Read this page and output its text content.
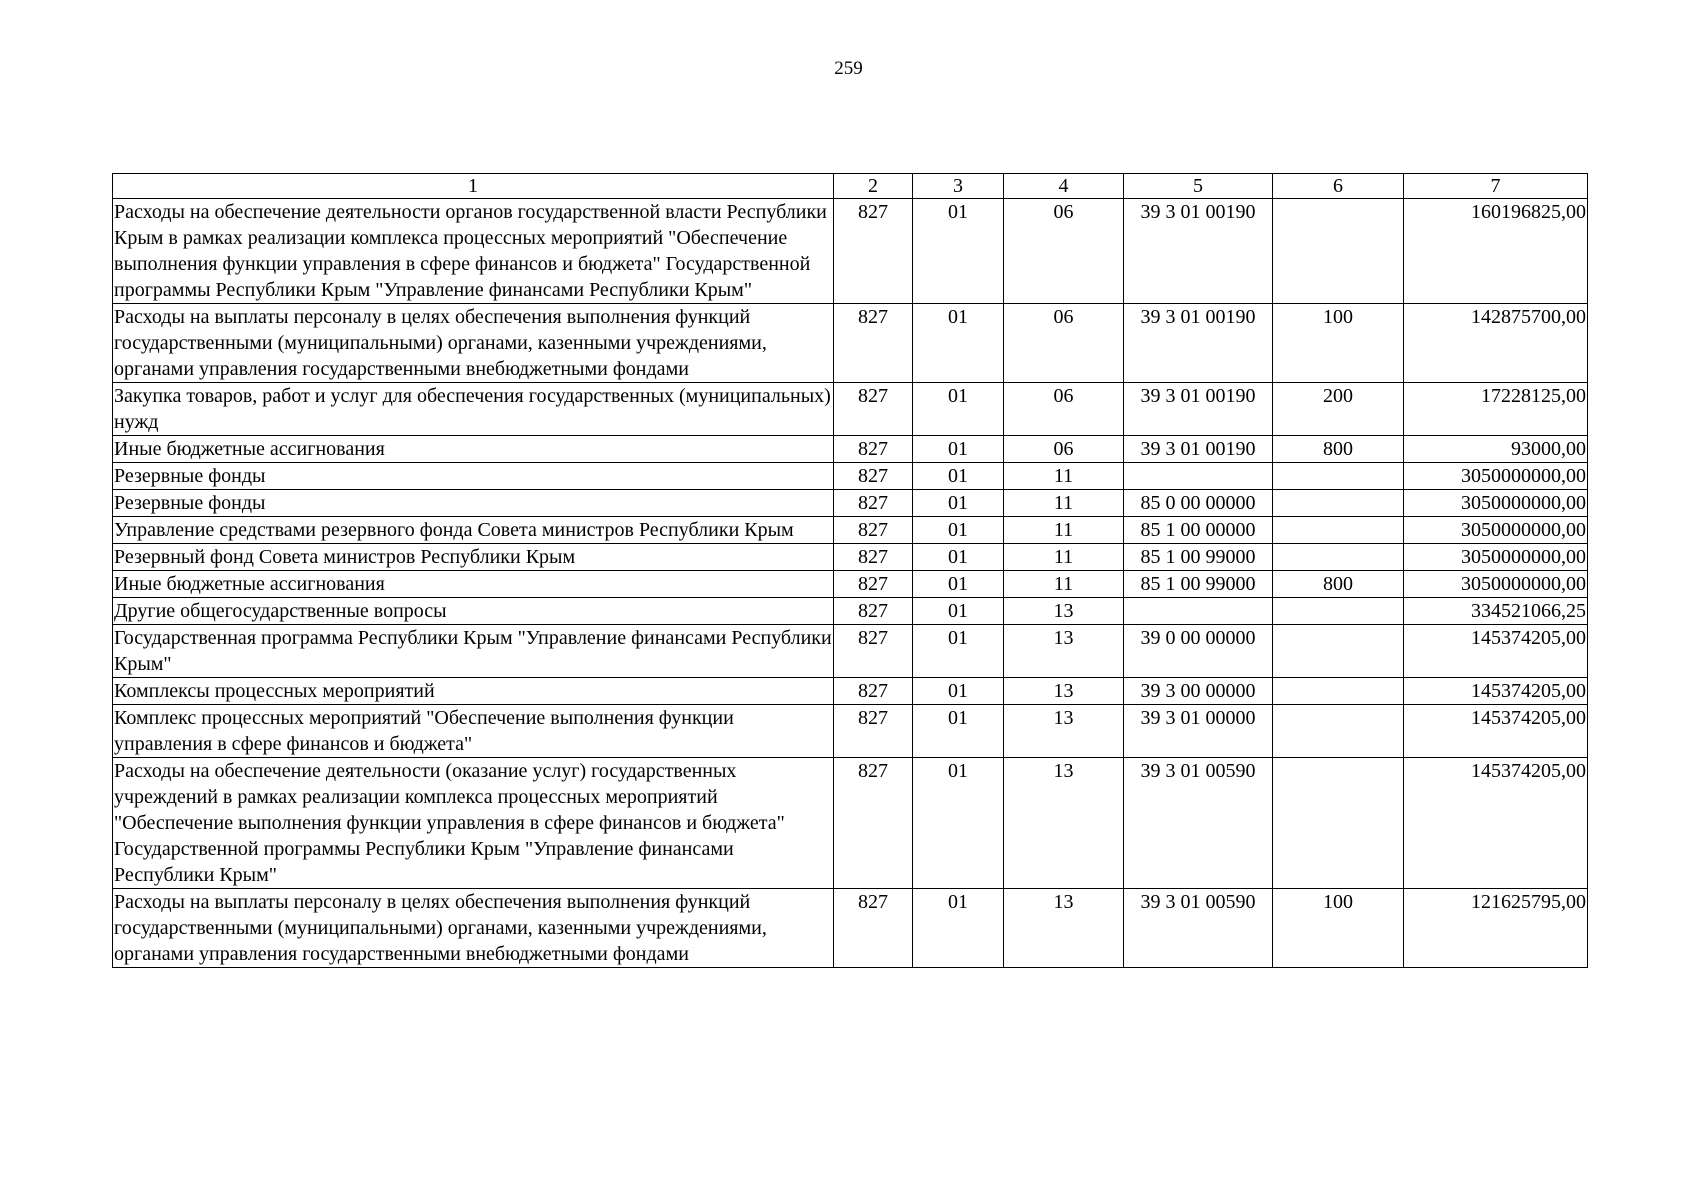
259
1	2	3	4	5	6	7
Расходы на обеспечение деятельности органов государственной власти Республики Крым в рамках реализации комплекса процессных мероприятий "Обеспечение выполнения функции управления в сфере финансов и бюджета" Государственной программы Республики Крым "Управление финансами Республики Крым"	827	01	06	39 3 01 00190		160196825,00
Расходы на выплаты персоналу в целях обеспечения выполнения функций государственными (муниципальными) органами, казенными учреждениями, органами управления государственными внебюджетными фондами	827	01	06	39 3 01 00190	100	142875700,00
Закупка товаров, работ и услуг для обеспечения государственных (муниципальных) нужд	827	01	06	39 3 01 00190	200	17228125,00
Иные бюджетные ассигнования	827	01	06	39 3 01 00190	800	93000,00
Резервные фонды	827	01	11			3050000000,00
Резервные фонды	827	01	11	85 0 00 00000		3050000000,00
Управление средствами резервного фонда Совета министров Республики Крым	827	01	11	85 1 00 00000		3050000000,00
Резервный фонд Совета министров Республики Крым	827	01	11	85 1 00 99000		3050000000,00
Иные бюджетные ассигнования	827	01	11	85 1 00 99000	800	3050000000,00
Другие общегосударственные вопросы	827	01	13			334521066,25
Государственная программа Республики Крым "Управление финансами Республики Крым"	827	01	13	39 0 00 00000		145374205,00
Комплексы процессных мероприятий	827	01	13	39 3 00 00000		145374205,00
Комплекс процессных мероприятий "Обеспечение выполнения функции управления в сфере финансов и бюджета"	827	01	13	39 3 01 00000		145374205,00
Расходы на обеспечение деятельности (оказание услуг) государственных учреждений в рамках реализации комплекса процессных мероприятий "Обеспечение выполнения функции управления в сфере финансов и бюджета" Государственной программы Республики Крым "Управление финансами Республики Крым"	827	01	13	39 3 01 00590		145374205,00
Расходы на выплаты персоналу в целях обеспечения выполнения функций государственными (муниципальными) органами, казенными учреждениями, органами управления государственными внебюджетными фондами	827	01	13	39 3 01 00590	100	121625795,00
